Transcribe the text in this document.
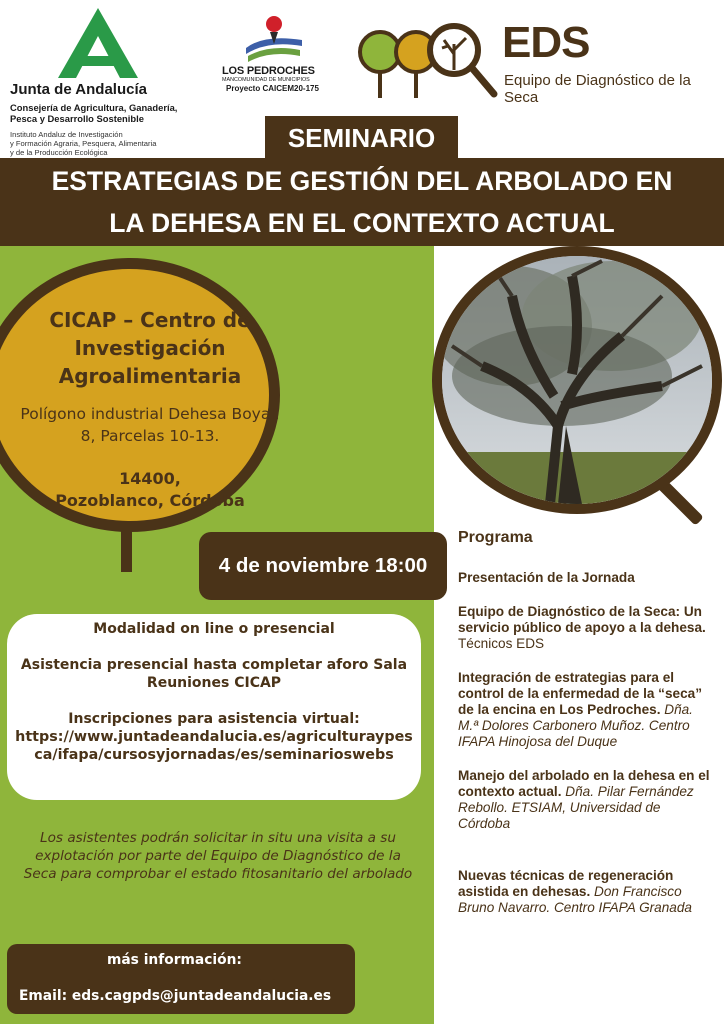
Junta de Andalucía
Consejería de Agricultura, Ganadería,
Pesca y Desarrollo Sostenible
Instituto Andaluz de Investigación
y Formación Agraria, Pesquera, Alimentaria
y de la Producción Ecológica
LOS PEDROCHES
MANCOMUNIDAD DE MUNICIPIOS
Proyecto CAICEM20-175
EDS
Equipo de Diagnóstico de la Seca
ESTRATEGIAS DE GESTIÓN DEL ARBOLADO EN
LA DEHESA EN EL CONTEXTO ACTUAL
SEMINARIO
CICAP – Centro de Investigación Agroalimentaria
Polígono industrial Dehesa Boyal, 8, Parcelas 10-13.
14400,
Pozoblanco, Córdoba
4 de noviembre 18:00
Modalidad on line o presencial
Asistencia presencial hasta completar aforo Sala Reuniones CICAP
Inscripciones para asistencia virtual:
https://www.juntadeandalucia.es/agriculturaypesca/ifapa/cursosyjornadas/es/seminarioswebs
Los asistentes podrán solicitar in situ una visita a su explotación por parte del Equipo de Diagnóstico de la Seca para comprobar el estado fitosanitario del arbolado
más información:
Email: eds.cagpds@juntadeandalucia.es
Programa
Presentación de la Jornada
Equipo de Diagnóstico de la Seca: Un servicio público de apoyo a la dehesa. Técnicos EDS
Integración de estrategias para el control de la enfermedad de la “seca” de la encina en Los Pedroches. Dña. M.ª Dolores Carbonero Muñoz. Centro IFAPA Hinojosa del Duque
Manejo del arbolado en la dehesa en el contexto actual. Dña. Pilar Fernández Rebollo. ETSIAM, Universidad de Córdoba
Nuevas técnicas de regeneración asistida en dehesas. Don Francisco Bruno Navarro. Centro IFAPA Granada
